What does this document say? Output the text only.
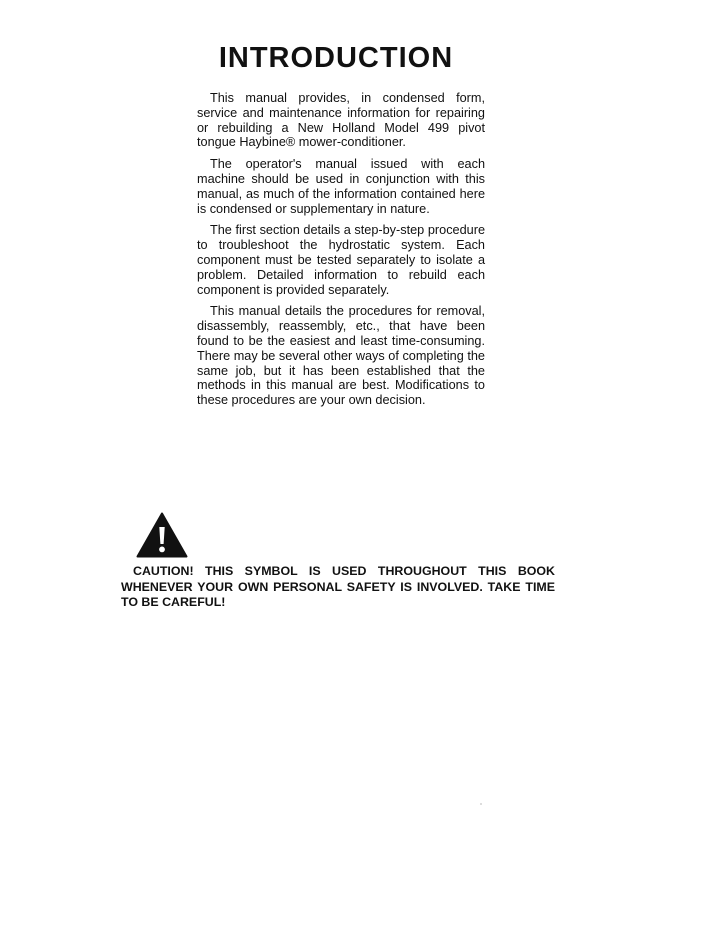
INTRODUCTION

This manual provides, in condensed form, service and maintenance information for repairing or rebuilding a New Holland Model 499 pivot tongue Haybine® mower-conditioner.

The operator's manual issued with each machine should be used in conjunction with this manual, as much of the information contained here is condensed or supplementary in nature.

The first section details a step-by-step procedure to troubleshoot the hydrostatic system. Each component must be tested separately to isolate a problem. Detailed information to rebuild each component is provided separately.

This manual details the procedures for removal, disassembly, reassembly, etc., that have been found to be the easiest and least time-consuming. There may be several other ways of completing the same job, but it has been established that the methods in this manual are best. Modifications to these procedures are your own decision.

CAUTION! THIS SYMBOL IS USED THROUGHOUT THIS BOOK WHENEVER YOUR OWN PERSONAL SAFETY IS INVOLVED. TAKE TIME TO BE CAREFUL!
